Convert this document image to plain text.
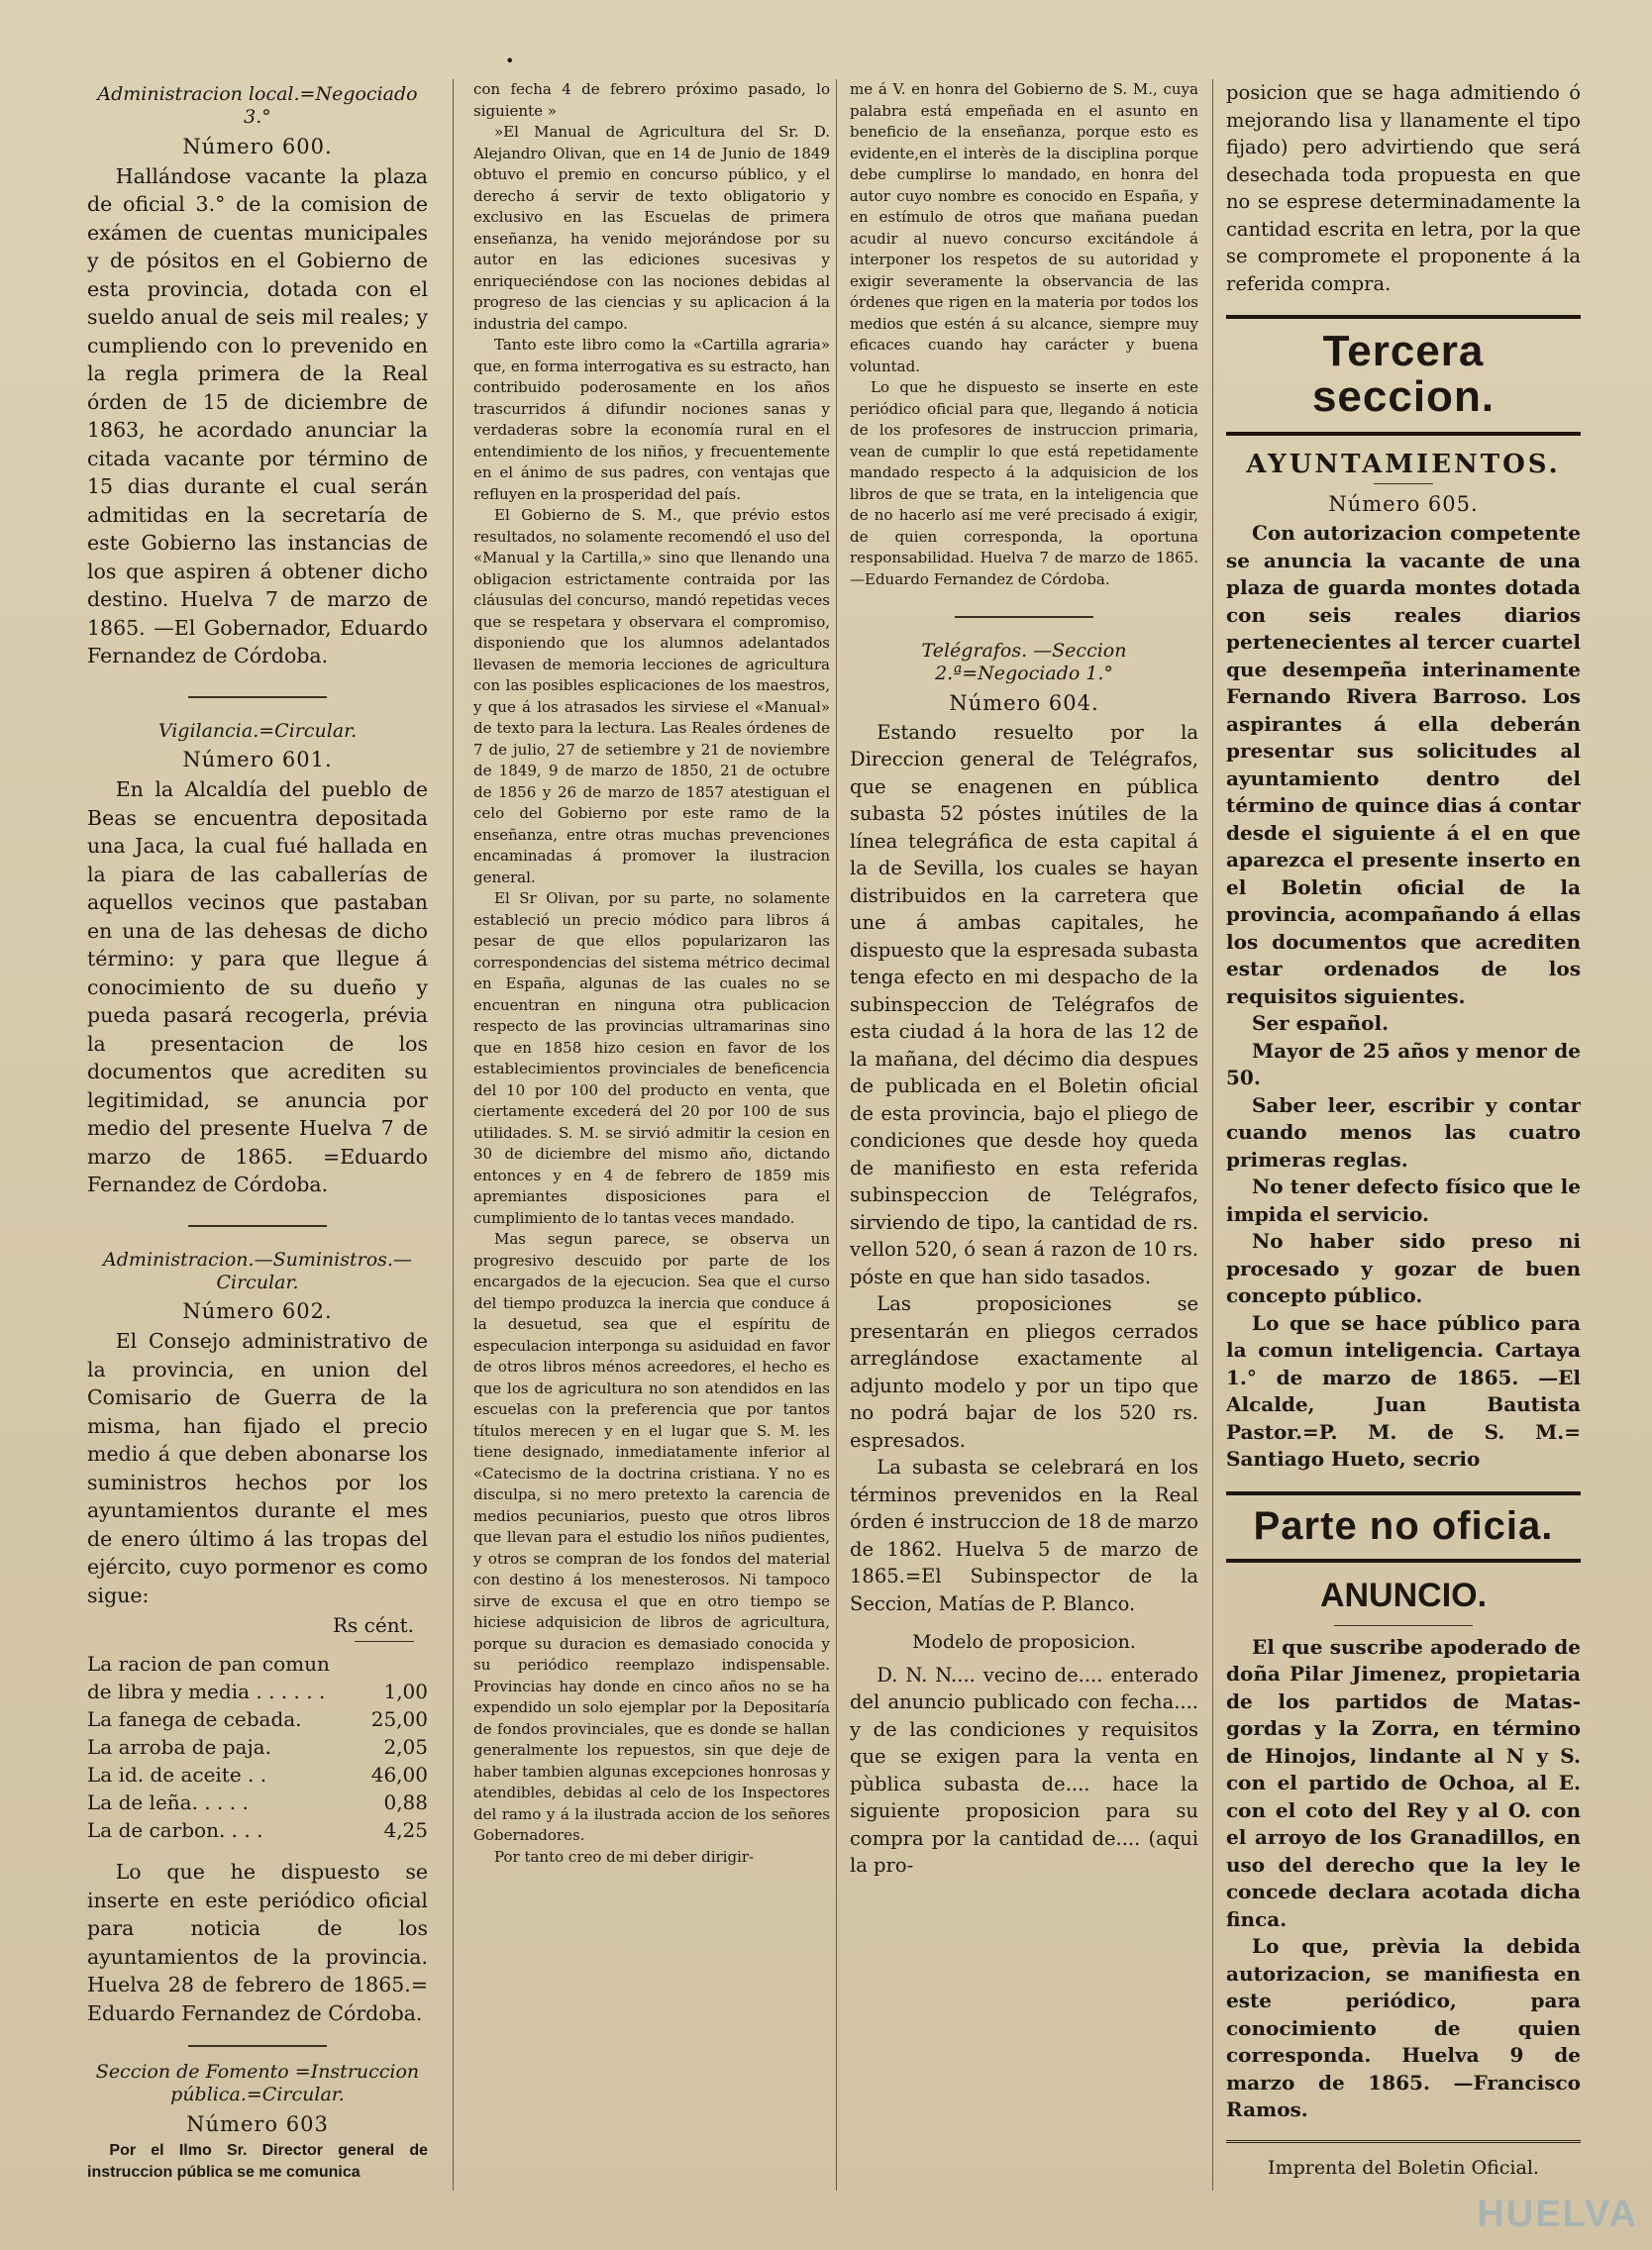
•
Administracion local.=Negociado 3.°
Número 600.

Hallándose vacante la plaza de oficial 3.° de la comision de exámen de cuentas municipales y de pósitos en el Gobierno de esta provincia, dotada con el sueldo anual de seis mil reales; y cumpliendo con lo prevenido en la regla primera de la Real órden de 15 de diciembre de 1863, he acordado anunciar la citada vacante por término de 15 dias durante el cual serán admitidas en la secretaría de este Gobierno las instancias de los que aspiren á obtener dicho destino. Huelva 7 de marzo de 1865. —El Gobernador, Eduardo Fernandez de Córdoba.

Vigilancia.=Circular.
Número 601.

En la Alcaldía del pueblo de Beas se encuentra depositada una Jaca, la cual fué hallada en la piara de las caballerías de aquellos vecinos que pastaban en una de las dehesas de dicho término: y para que llegue á conocimiento de su dueño y pueda pasará recogerla, prévia la presentacion de los documentos que acrediten su legitimidad, se anuncia por medio del presente Huelva 7 de marzo de 1865. =Eduardo Fernandez de Córdoba.

Administracion.—Suministros.—Circular.
Número 602.

El Consejo administrativo de la provincia, en union del Comisario de Guerra de la misma, han fijado el precio medio á que deben abonarse los suministros hechos por los ayuntamientos durante el mes de enero último á las tropas del ejército, cuyo pormenor es como sigue:

Rs cént.
La racion de pan comun de libra y media . . . . . .	1,00
La fanega de cebada.	25,00
La arroba de paja.	2,05
La id. de aceite . .	46,00
La de leña. . . . .	0,88
La de carbon. . . .	4,25

Lo que he dispuesto se inserte en este periódico oficial para noticia de los ayuntamientos de la provincia. Huelva 28 de febrero de 1865.= Eduardo Fernandez de Córdoba.

Seccion de Fomento =Instruccion pública.=Circular.
Número 603

Por el Ilmo Sr. Director general de instruccion pública se me comunica

con fecha 4 de febrero próximo pasado, lo siguiente »

»El Manual de Agricultura del Sr. D. Alejandro Olivan, que en 14 de Junio de 1849 obtuvo el premio en concurso público, y el derecho á servir de texto obligatorio y exclusivo en las Escuelas de primera enseñanza, ha venido mejorándose por su autor en las ediciones sucesivas y enriqueciéndose con las nociones debidas al progreso de las ciencias y su aplicacion á la industria del campo.

Tanto este libro como la «Cartilla agraria» que, en forma interrogativa es su estracto, han contribuido poderosamente en los años trascurridos á difundir nociones sanas y verdaderas sobre la economía rural en el entendimiento de los niños, y frecuentemente en el ánimo de sus padres, con ventajas que refluyen en la prosperidad del país.

El Gobierno de S. M., que prévio estos resultados, no solamente recomendó el uso del «Manual y la Cartilla,» sino que llenando una obligacion estrictamente contraida por las cláusulas del concurso, mandó repetidas veces que se respetara y observara el compromiso, disponiendo que los alumnos adelantados llevasen de memoria lecciones de agricultura con las posibles esplicaciones de los maestros, y que á los atrasados les sirviese el «Manual» de texto para la lectura. Las Reales órdenes de 7 de julio, 27 de setiembre y 21 de noviembre de 1849, 9 de marzo de 1850, 21 de octubre de 1856 y 26 de marzo de 1857 atestiguan el celo del Gobierno por este ramo de la enseñanza, entre otras muchas prevenciones encaminadas á promover la ilustracion general.

El Sr Olivan, por su parte, no solamente estableció un precio módico para libros á pesar de que ellos popularizaron las correspondencias del sistema métrico decimal en España, algunas de las cuales no se encuentran en ninguna otra publicacion respecto de las provincias ultramarinas sino que en 1858 hizo cesion en favor de los establecimientos provinciales de beneficencia del 10 por 100 del producto en venta, que ciertamente excederá del 20 por 100 de sus utilidades. S. M. se sirvió admitir la cesion en 30 de diciembre del mismo año, dictando entonces y en 4 de febrero de 1859 mis apremiantes disposiciones para el cumplimiento de lo tantas veces mandado.

Mas segun parece, se observa un progresivo descuido por parte de los encargados de la ejecucion. Sea que el curso del tiempo produzca la inercia que conduce á la desuetud, sea que el espíritu de especulacion interponga su asiduidad en favor de otros libros ménos acreedores, el hecho es que los de agricultura no son atendidos en las escuelas con la preferencia que por tantos títulos merecen y en el lugar que S. M. les tiene designado, inmediatamente inferior al «Catecismo de la doctrina cristiana. Y no es disculpa, si no mero pretexto la carencia de medios pecuniarios, puesto que otros libros que llevan para el estudio los niños pudientes, y otros se compran de los fondos del material con destino á los menesterosos. Ni tampoco sirve de excusa el que en otro tiempo se hiciese adquisicion de libros de agricultura, porque su duracion es demasiado conocida y su periódico reemplazo indispensable. Provincias hay donde en cinco años no se ha expendido un solo ejemplar por la Depositaría de fondos provinciales, que es donde se hallan generalmente los repuestos, sin que deje de haber tambien algunas excepciones honrosas y atendibles, debidas al celo de los Inspectores del ramo y á la ilustrada accion de los señores Gobernadores.

Por tanto creo de mi deber dirigir-

me á V. en honra del Gobierno de S. M., cuya palabra está empeñada en el asunto en beneficio de la enseñanza, porque esto es evidente,en el interès de la disciplina porque debe cumplirse lo mandado, en honra del autor cuyo nombre es conocido en España, y en estímulo de otros que mañana puedan acudir al nuevo concurso excitándole á interponer los respetos de su autoridad y exigir severamente la observancia de las órdenes que rigen en la materia por todos los medios que estén á su alcance, siempre muy eficaces cuando hay carácter y buena voluntad.

Lo que he dispuesto se inserte en este periódico oficial para que, llegando á noticia de los profesores de instruccion primaria, vean de cumplir lo que está repetidamente mandado respecto á la adquisicion de los libros de que se trata, en la inteligencia que de no hacerlo así me veré precisado á exigir, de quien corresponda, la oportuna responsabilidad. Huelva 7 de marzo de 1865. —Eduardo Fernandez de Córdoba.

Telégrafos. —Seccion 2.ª=Negociado 1.°
Número 604.

Estando resuelto por la Direccion general de Telégrafos, que se enagenen en pública subasta 52 póstes inútiles de la línea telegráfica de esta capital á la de Sevilla, los cuales se hayan distribuidos en la carretera que une á ambas capitales, he dispuesto que la espresada subasta tenga efecto en mi despacho de la subinspeccion de Telégrafos de esta ciudad á la hora de las 12 de la mañana, del décimo dia despues de publicada en el Boletin oficial de esta provincia, bajo el pliego de condiciones que desde hoy queda de manifiesto en esta referida subinspeccion de Telégrafos, sirviendo de tipo, la cantidad de rs. vellon 520, ó sean á razon de 10 rs. póste en que han sido tasados.

Las proposiciones se presentarán en pliegos cerrados arreglándose exactamente al adjunto modelo y por un tipo que no podrá bajar de los 520 rs. espresados.

La subasta se celebrará en los términos prevenidos en la Real órden é instruccion de 18 de marzo de 1862. Huelva 5 de marzo de 1865.=El Subinspector de la Seccion, Matías de P. Blanco.

Modelo de proposicion.

D. N. N.... vecino de.... enterado del anuncio publicado con fecha.... y de las condiciones y requisitos que se exigen para la venta en pùblica subasta de.... hace la siguiente proposicion para su compra por la cantidad de.... (aqui la pro-

posicion que se haga admitiendo ó mejorando lisa y llanamente el tipo fijado) pero advirtiendo que será desechada toda propuesta en que no se esprese determinadamente la cantidad escrita en letra, por la que se compromete el proponente á la referida compra.

Tercera seccion.
AYUNTAMIENTOS.
Número 605.

Con autorizacion competente se anuncia la vacante de una plaza de guarda montes dotada con seis reales diarios pertenecientes al tercer cuartel que desempeña interinamente Fernando Rivera Barroso. Los aspirantes á ella deberán presentar sus solicitudes al ayuntamiento dentro del término de quince dias á contar desde el siguiente á el en que aparezca el presente inserto en el Boletin oficial de la provincia, acompañando á ellas los documentos que acrediten estar ordenados de los requisitos siguientes.

Ser español.

Mayor de 25 años y menor de 50.

Saber leer, escribir y contar cuando menos las cuatro primeras reglas.

No tener defecto físico que le impida el servicio.

No haber sido preso ni procesado y gozar de buen concepto público.

Lo que se hace público para la comun inteligencia. Cartaya 1.° de marzo de 1865. —El Alcalde, Juan Bautista Pastor.=P. M. de S. M.= Santiago Hueto, secrio

Parte no oficia.
ANUNCIO.

El que suscribe apoderado de doña Pilar Jimenez, propietaria de los partidos de Matas-gordas y la Zorra, en término de Hinojos, lindante al N y S. con el partido de Ochoa, al E. con el coto del Rey y al O. con el arroyo de los Granadillos, en uso del derecho que la ley le concede declara acotada dicha finca.

Lo que, prèvia la debida autorizacion, se manifiesta en este periódico, para conocimiento de quien corresponda. Huelva 9 de marzo de 1865. —Francisco Ramos.

Imprenta del Boletin Oficial.
HUELVA
